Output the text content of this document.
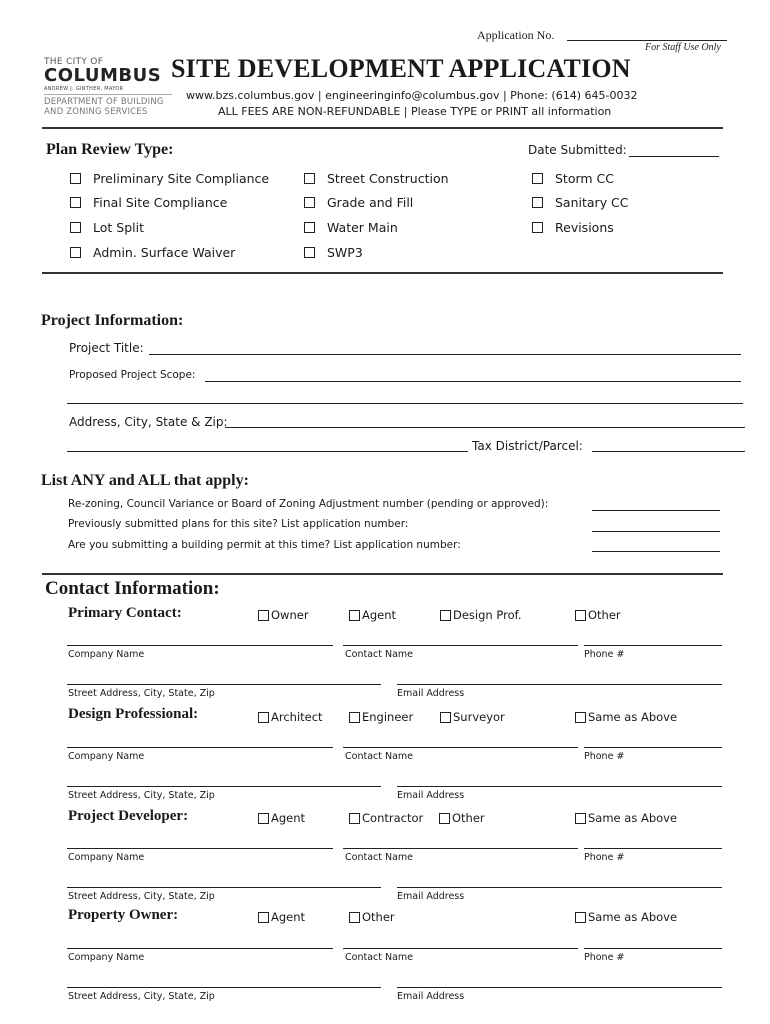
Application No.
For Staff Use Only
THE CITY OF
COLUMBUS
ANDREW J. GINTHER, MAYOR
DEPARTMENT OF BUILDING
AND ZONING SERVICES
SITE DEVELOPMENT APPLICATION
www.bzs.columbus.gov | engineeringinfo@columbus.gov | Phone: (614) 645-0032
ALL FEES ARE NON-REFUNDABLE | Please TYPE or PRINT all information
Plan Review Type:	Date Submitted:
Preliminary Site Compliance
Final Site Compliance
Lot Split
Admin. Surface Waiver
Street Construction
Grade and Fill
Water Main
SWP3
Storm CC
Sanitary CC
Revisions
Project Information:
Project Title:
Proposed Project Scope:
Address, City, State & Zip:
Tax District/Parcel:
List ANY and ALL that apply:
Re-zoning, Council Variance or Board of Zoning Adjustment number (pending or approved):
Previously submitted plans for this site? List application number:
Are you submitting a building permit at this time? List application number:
Contact Information:
Primary Contact:	Owner	Agent	Design Prof.	Other
Company Name	Contact Name	Phone #
Street Address, City, State, Zip	Email Address
Design Professional:	Architect	Engineer	Surveyor	Same as Above
Company Name	Contact Name	Phone #
Street Address, City, State, Zip	Email Address
Project Developer:	Agent	Contractor	Other	Same as Above
Company Name	Contact Name	Phone #
Street Address, City, State, Zip	Email Address
Property Owner:	Agent	Other	Same as Above
Company Name	Contact Name	Phone #
Street Address, City, State, Zip	Email Address
